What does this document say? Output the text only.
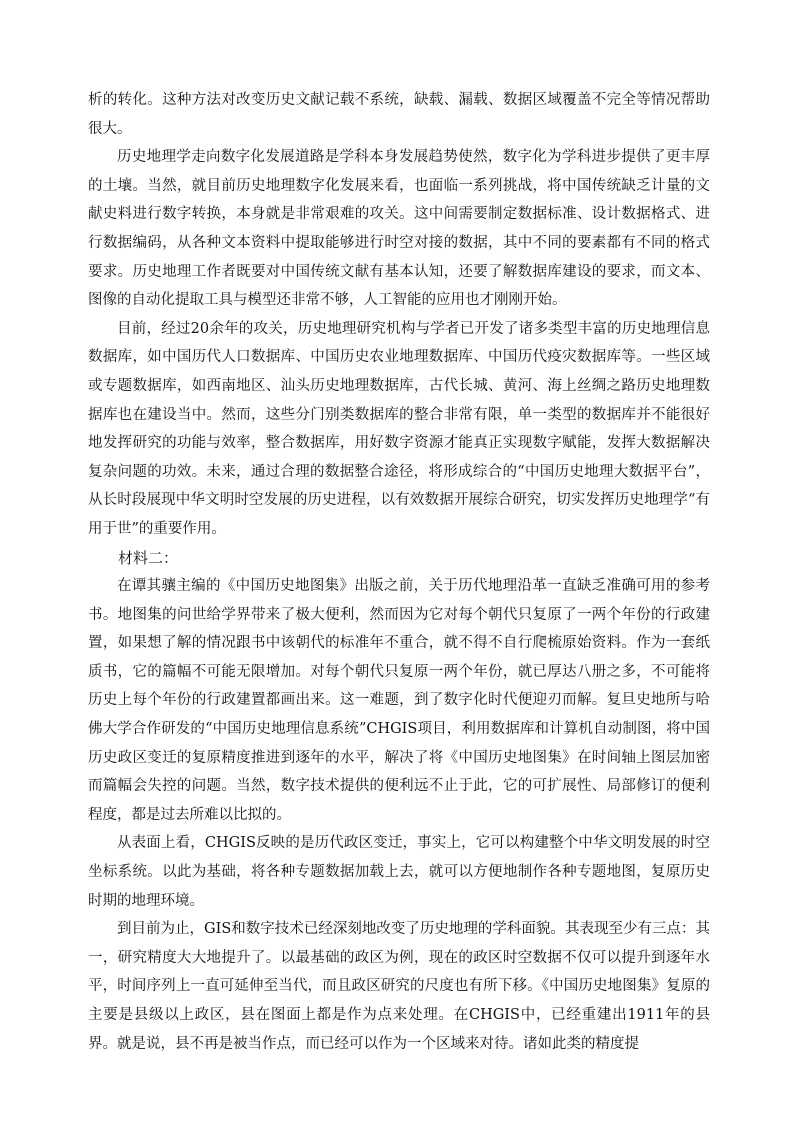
析的转化。这种方法对改变历史文献记载不系统，缺载、漏载、数据区域覆盖不完全等情况帮助很大。

历史地理学走向数字化发展道路是学科本身发展趋势使然，数字化为学科进步提供了更丰厚的土壤。当然，就目前历史地理数字化发展来看，也面临一系列挑战，将中国传统缺乏计量的文献史料进行数字转换，本身就是非常艰难的攻关。这中间需要制定数据标准、设计数据格式、进行数据编码，从各种文本资料中提取能够进行时空对接的数据，其中不同的要素都有不同的格式要求。历史地理工作者既要对中国传统文献有基本认知，还要了解数据库建设的要求，而文本、图像的自动化提取工具与模型还非常不够，人工智能的应用也才刚刚开始。

目前，经过20余年的攻关，历史地理研究机构与学者已开发了诸多类型丰富的历史地理信息数据库，如中国历代人口数据库、中国历史农业地理数据库、中国历代疫灾数据库等。一些区域或专题数据库，如西南地区、汕头历史地理数据库，古代长城、黄河、海上丝绸之路历史地理数据库也在建设当中。然而，这些分门别类数据库的整合非常有限，单一类型的数据库并不能很好地发挥研究的功能与效率，整合数据库，用好数字资源才能真正实现数字赋能，发挥大数据解决复杂问题的功效。未来，通过合理的数据整合途径，将形成综合的“中国历史地理大数据平台”，从长时段展现中华文明时空发展的历史进程，以有效数据开展综合研究，切实发挥历史地理学“有用于世”的重要作用。

材料二：

在谭其骧主编的《中国历史地图集》出版之前，关于历代地理沿革一直缺乏准确可用的参考书。地图集的问世给学界带来了极大便利，然而因为它对每个朝代只复原了一两个年份的行政建置，如果想了解的情况跟书中该朝代的标准年不重合，就不得不自行爬梳原始资料。作为一套纸质书，它的篇幅不可能无限增加。对每个朝代只复原一两个年份，就已厚达八册之多，不可能将历史上每个年份的行政建置都画出来。这一难题，到了数字化时代便迎刃而解。复旦史地所与哈佛大学合作研发的“中国历史地理信息系统”CHGIS项目，利用数据库和计算机自动制图，将中国历史政区变迁的复原精度推进到逐年的水平，解决了将《中国历史地图集》在时间轴上图层加密而篇幅会失控的问题。当然，数字技术提供的便利远不止于此，它的可扩展性、局部修订的便利程度，都是过去所难以比拟的。

从表面上看，CHGIS反映的是历代政区变迁，事实上，它可以构建整个中华文明发展的时空坐标系统。以此为基础，将各种专题数据加载上去，就可以方便地制作各种专题地图，复原历史时期的地理环境。

到目前为止，GIS和数字技术已经深刻地改变了历史地理的学科面貌。其表现至少有三点：其一，研究精度大大地提升了。以最基础的政区为例，现在的政区时空数据不仅可以提升到逐年水平，时间序列上一直可延伸至当代，而且政区研究的尺度也有所下移。《中国历史地图集》复原的主要是县级以上政区，县在图面上都是作为点来处理。在CHGIS中，已经重建出1911年的县界。就是说，县不再是被当作点，而已经可以作为一个区域来对待。诸如此类的精度提
